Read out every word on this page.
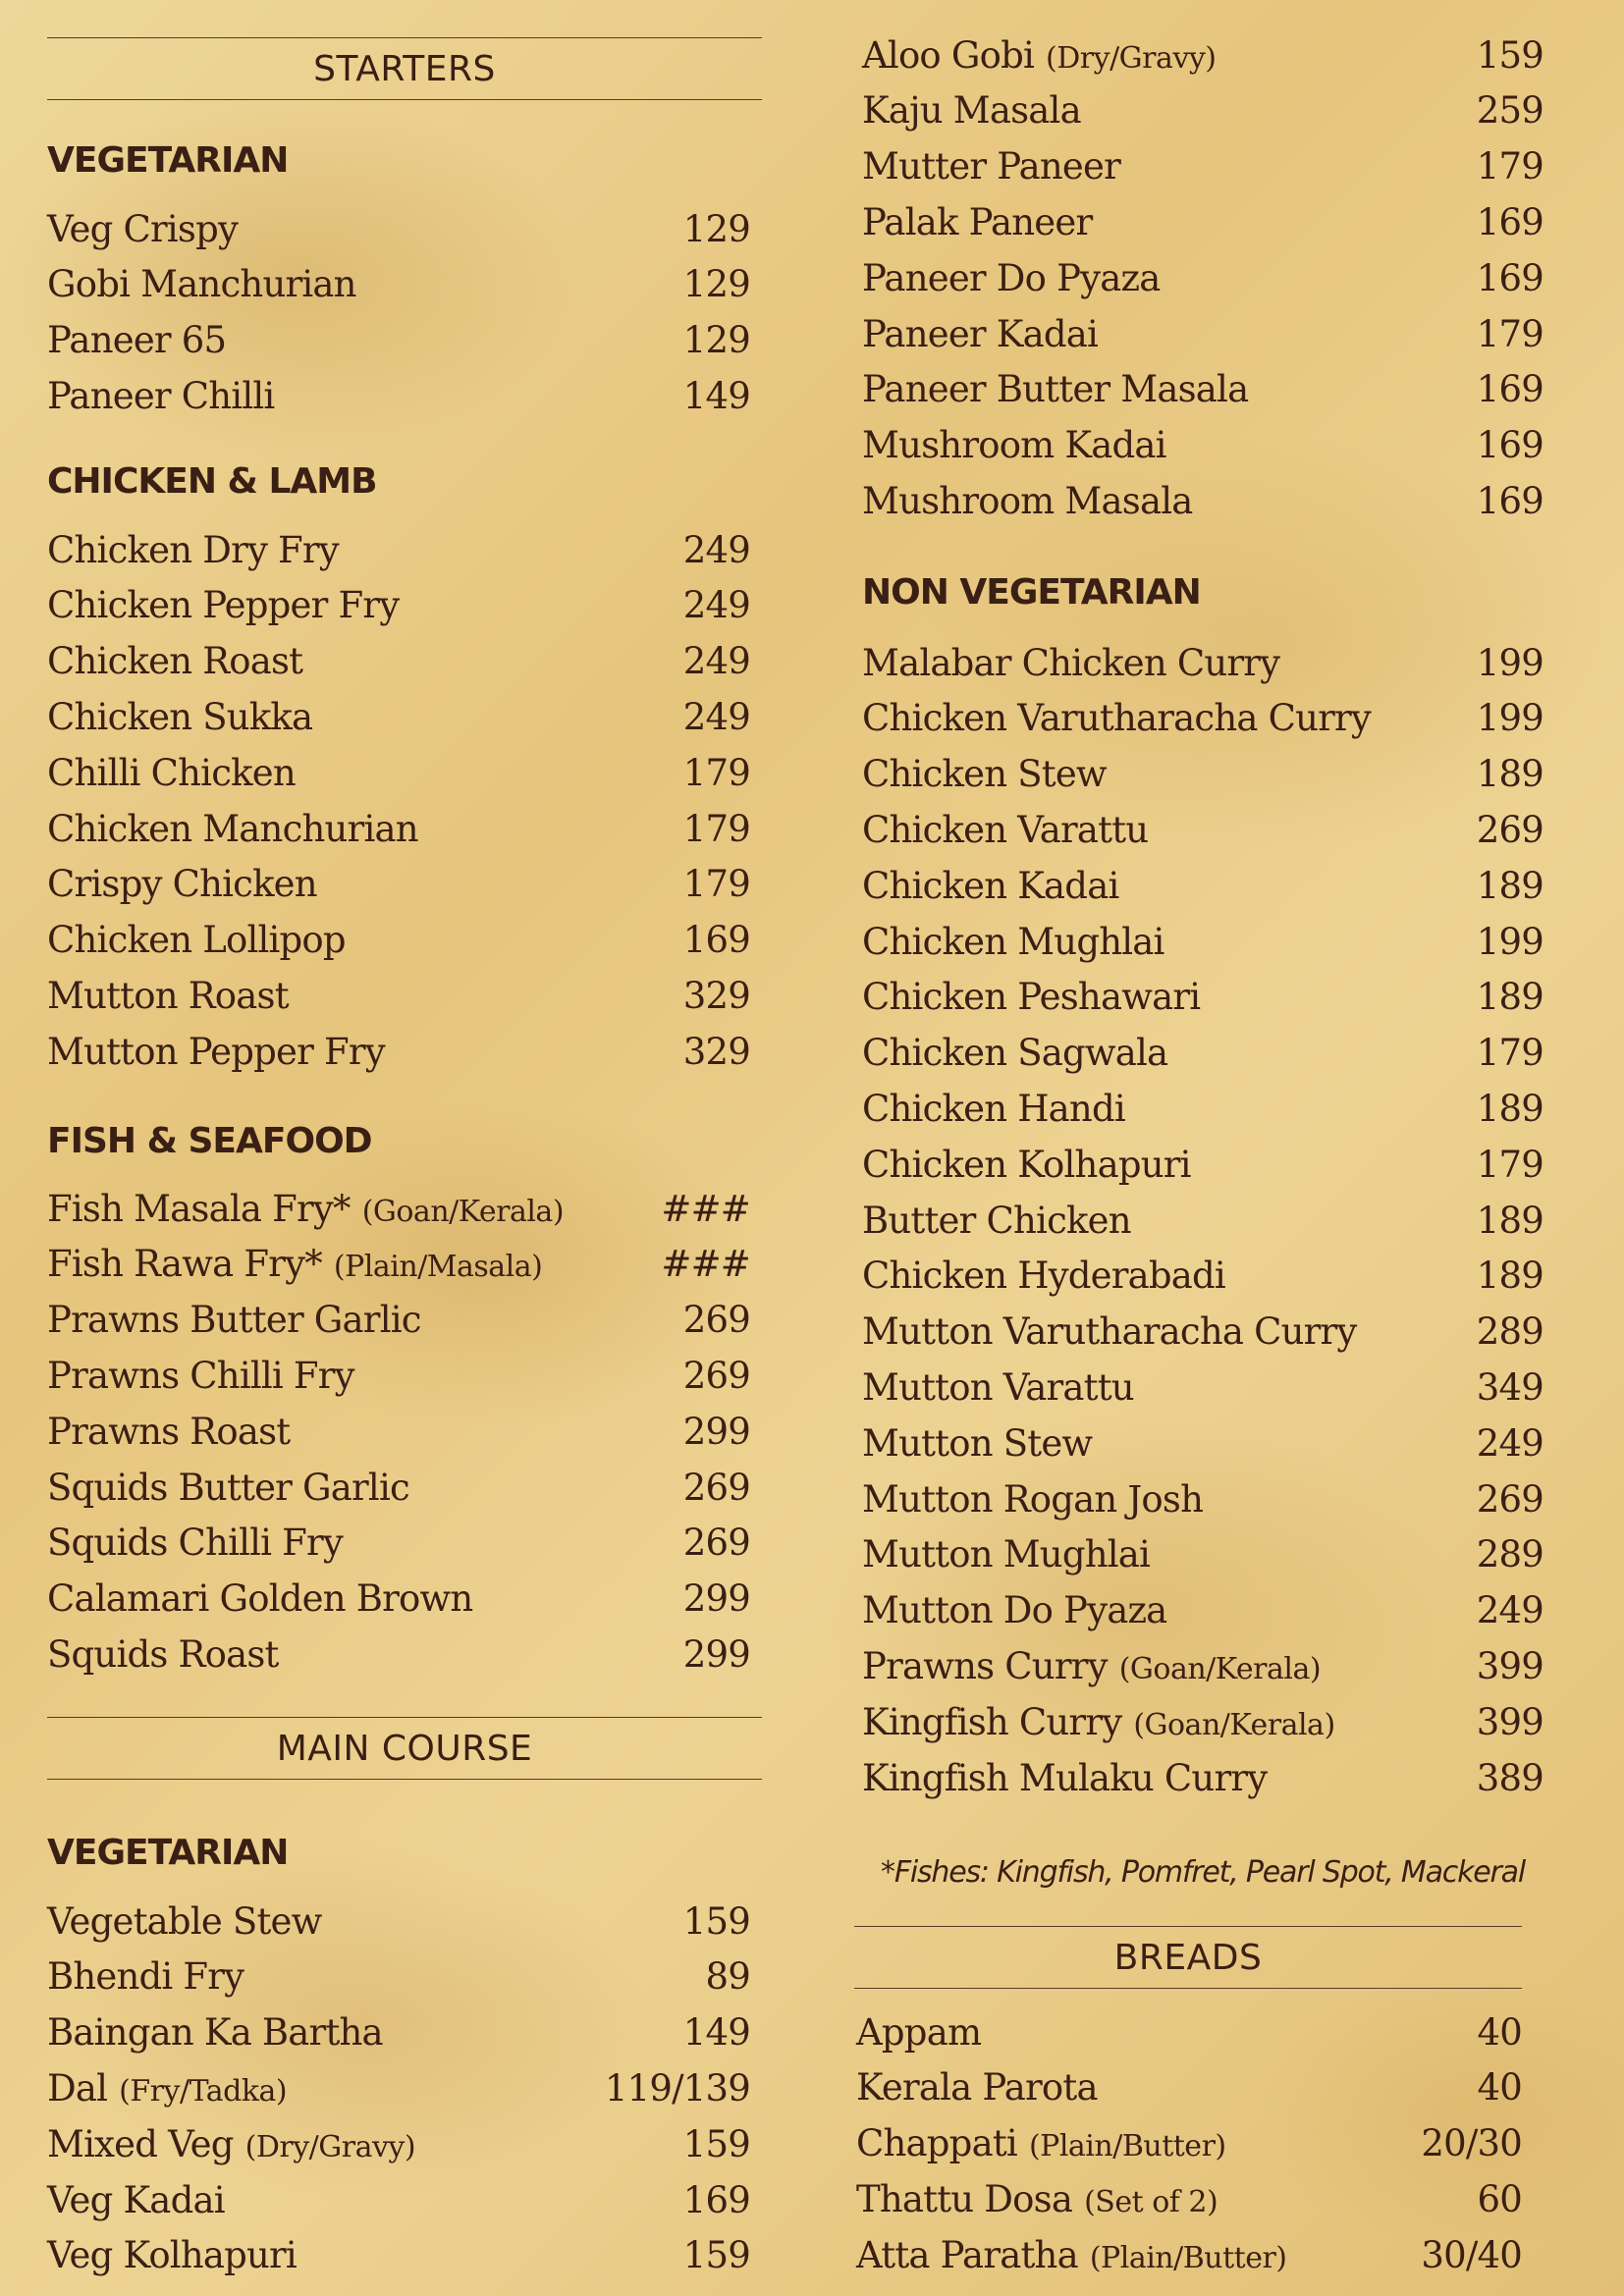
STARTERS
VEGETARIAN
Veg Crispy	129
Gobi Manchurian	129
Paneer 65	129
Paneer Chilli	149
CHICKEN & LAMB
Chicken Dry Fry	249
Chicken Pepper Fry	249
Chicken Roast	249
Chicken Sukka	249
Chilli Chicken	179
Chicken Manchurian	179
Crispy Chicken	179
Chicken Lollipop	169
Mutton Roast	329
Mutton Pepper Fry	329
FISH & SEAFOOD
Fish Masala Fry* (Goan/Kerala)	###
Fish Rawa Fry* (Plain/Masala)	###
Prawns Butter Garlic	269
Prawns Chilli Fry	269
Prawns Roast	299
Squids Butter Garlic	269
Squids Chilli Fry	269
Calamari Golden Brown	299
Squids Roast	299
MAIN COURSE
VEGETARIAN
Vegetable Stew	159
Bhendi Fry	89
Baingan Ka Bartha	149
Dal (Fry/Tadka)	119/139
Mixed Veg (Dry/Gravy)	159
Veg Kadai	169
Veg Kolhapuri	159
Aloo Gobi (Dry/Gravy)	159
Kaju Masala	259
Mutter Paneer	179
Palak Paneer	169
Paneer Do Pyaza	169
Paneer Kadai	179
Paneer Butter Masala	169
Mushroom Kadai	169
Mushroom Masala	169
NON VEGETARIAN
Malabar Chicken Curry	199
Chicken Varutharacha Curry	199
Chicken Stew	189
Chicken Varattu	269
Chicken Kadai	189
Chicken Mughlai	199
Chicken Peshawari	189
Chicken Sagwala	179
Chicken Handi	189
Chicken Kolhapuri	179
Butter Chicken	189
Chicken Hyderabadi	189
Mutton Varutharacha Curry	289
Mutton Varattu	349
Mutton Stew	249
Mutton Rogan Josh	269
Mutton Mughlai	289
Mutton Do Pyaza	249
Prawns Curry (Goan/Kerala)	399
Kingfish Curry (Goan/Kerala)	399
Kingfish Mulaku Curry	389
*Fishes: Kingfish, Pomfret, Pearl Spot, Mackeral
BREADS
Appam	40
Kerala Parota	40
Chappati (Plain/Butter)	20/30
Thattu Dosa (Set of 2)	60
Atta Paratha (Plain/Butter)	30/40
